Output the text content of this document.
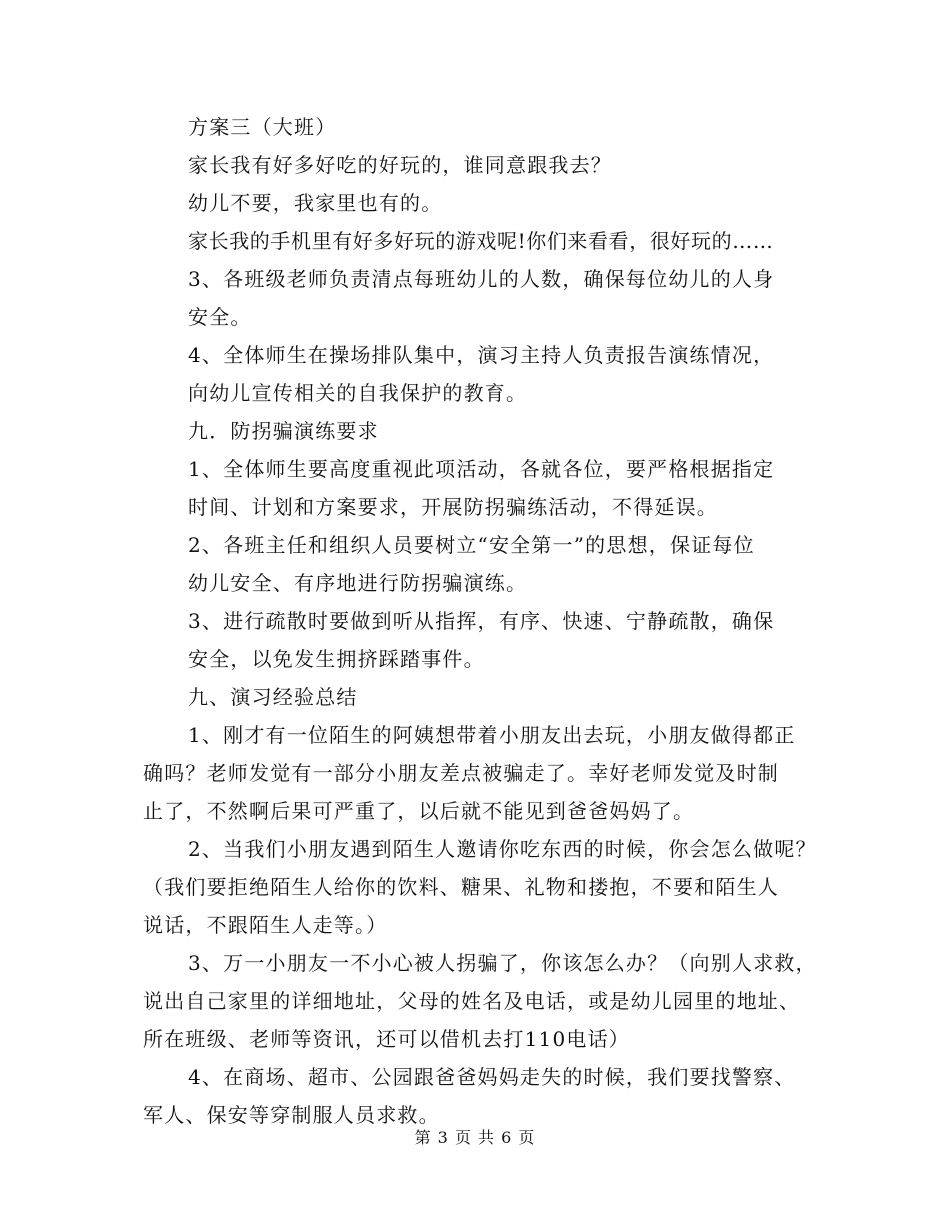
方案三（大班）
家长我有好多好吃的好玩的，谁同意跟我去？
幼儿不要，我家里也有的。
家长我的手机里有好多好玩的游戏呢!你们来看看，很好玩的……
3、各班级老师负责清点每班幼儿的人数，确保每位幼儿的人身
安全。
4、全体师生在操场排队集中，演习主持人负责报告演练情况，
向幼儿宣传相关的自我保护的教育。
九．防拐骗演练要求
1、全体师生要高度重视此项活动，各就各位，要严格根据指定
时间、计划和方案要求，开展防拐骗练活动，不得延误。
2、各班主任和组织人员要树立“安全第一”的思想，保证每位
幼儿安全、有序地进行防拐骗演练。
3、进行疏散时要做到听从指挥，有序、快速、宁静疏散，确保
安全，以免发生拥挤踩踏事件。
九、演习经验总结
1、刚才有一位陌生的阿姨想带着小朋友出去玩，小朋友做得都正
确吗？老师发觉有一部分小朋友差点被骗走了。幸好老师发觉及时制
止了，不然啊后果可严重了，以后就不能见到爸爸妈妈了。
2、当我们小朋友遇到陌生人邀请你吃东西的时候，你会怎么做呢？
（我们要拒绝陌生人给你的饮料、糖果、礼物和搂抱，不要和陌生人
说话，不跟陌生人走等。）
3、万一小朋友一不小心被人拐骗了，你该怎么办？（向别人求救，
说出自己家里的详细地址，父母的姓名及电话，或是幼儿园里的地址、
所在班级、老师等资讯，还可以借机去打110电话）
4、在商场、超市、公园跟爸爸妈妈走失的时候，我们要找警察、
军人、保安等穿制服人员求救。
第 3 页 共 6 页
